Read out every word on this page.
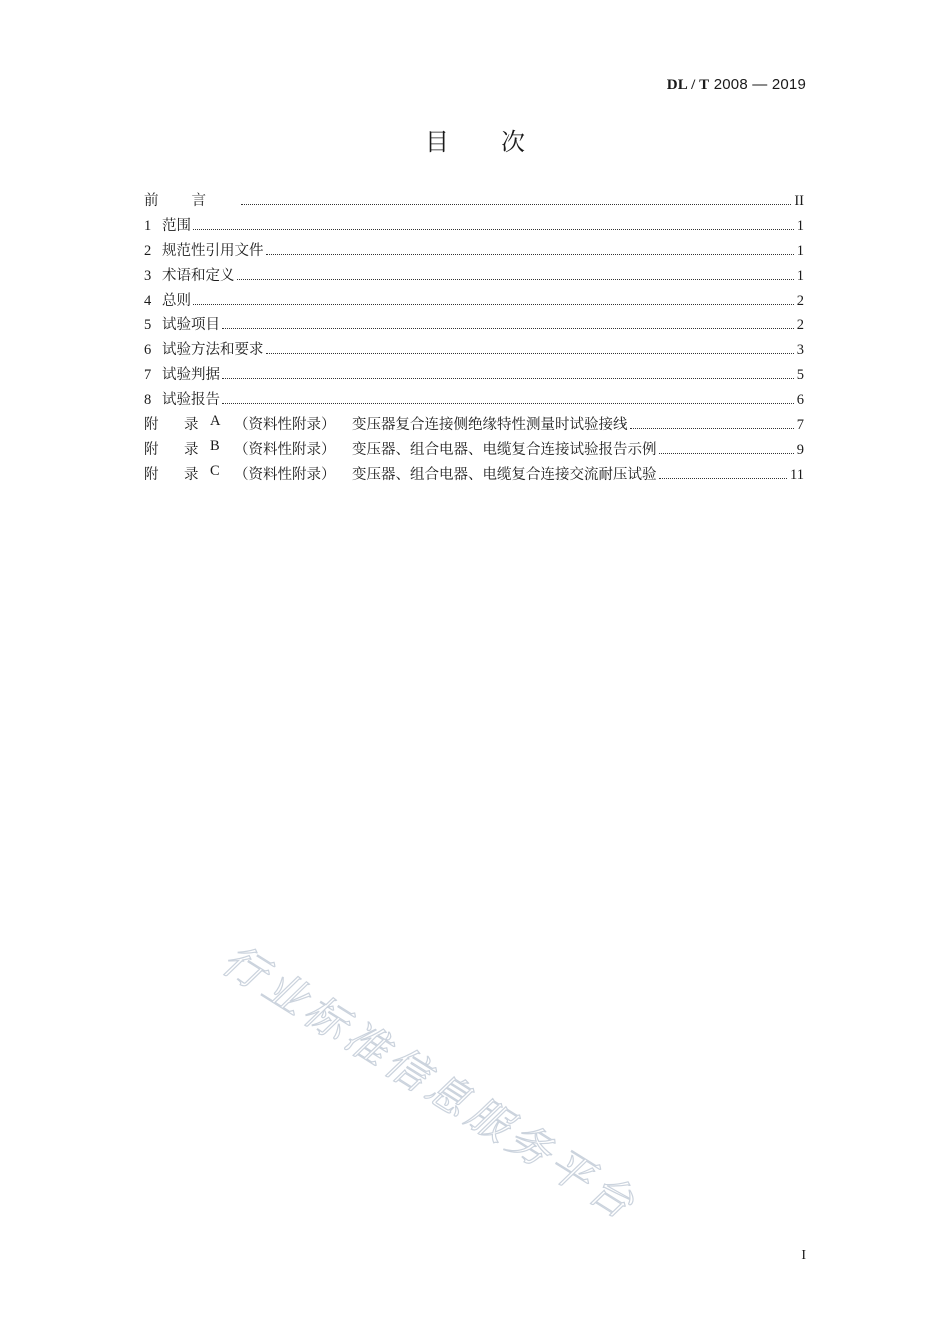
DL / T 2008 — 2019
目 次
前言	II
1 范围	1
2 规范性引用文件	1
3 术语和定义	1
4 总则	2
5 试验项目	2
6 试验方法和要求	3
7 试验判据	5
8 试验报告	6
附	录 A （资料性附录）	变压器复合连接侧绝缘特性测量时试验接线	7
附	录 B （资料性附录）	变压器、组合电器、电缆复合连接试验报告示例	9
附	录 C （资料性附录）	变压器、组合电器、电缆复合连接交流耐压试验	11
行业标准信息服务平台
I
